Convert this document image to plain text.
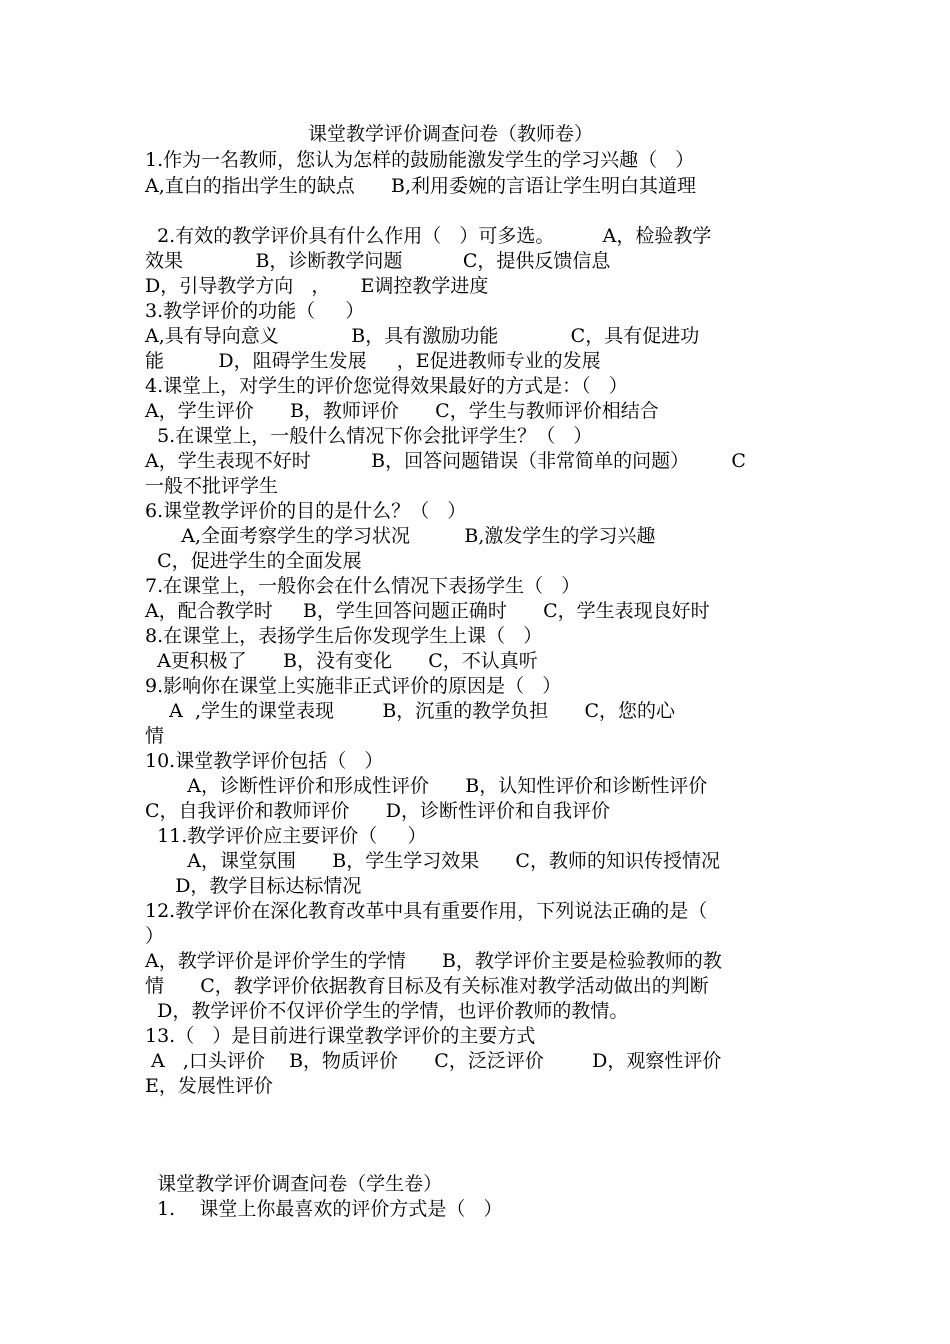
课堂教学评价调查问卷（教师卷）
1.作为一名教师，您认为怎样的鼓励能激发学生的学习兴趣（   ）
A,直白的指出学生的缺点      B,利用委婉的言语让学生明白其道理
2.有效的教学评价具有什么作用（   ）可多选。        A，检验教学
效果            B，诊断教学问题          C，提供反馈信息
D，引导教学方向   ，     E调控教学进度
3.教学评价的功能（     ）
A,具有导向意义            B，具有激励功能            C，具有促进功
能         D，阻碍学生发展     ，E促进教师专业的发展
4.课堂上，对学生的评价您觉得效果最好的方式是：（   ）
A，学生评价      B，教师评价      C，学生与教师评价相结合
5.在课堂上，一般什么情况下你会批评学生？（   ）
A，学生表现不好时          B，回答问题错误（非常简单的问题）       C
一般不批评学生
6.课堂教学评价的目的是什么？（   ）
A,全面考察学生的学习状况         B,激发学生的学习兴趣
C，促进学生的全面发展
7.在课堂上，一般你会在什么情况下表扬学生（   ）
A，配合教学时     B，学生回答问题正确时      C，学生表现良好时
8.在课堂上，表扬学生后你发现学生上课（   ）
A更积极了      B，没有变化      C，不认真听
9.影响你在课堂上实施非正式评价的原因是（   ）
A  ,学生的课堂表现        B，沉重的教学负担      C，您的心
情
10.课堂教学评价包括（   ）
A，诊断性评价和形成性评价      B，认知性评价和诊断性评价
C，自我评价和教师评价      D，诊断性评价和自我评价
11.教学评价应主要评价（     ）
A，课堂氛围      B，学生学习效果      C，教师的知识传授情况
D，教学目标达标情况
12.教学评价在深化教育改革中具有重要作用，下列说法正确的是（
）
A，教学评价是评价学生的学情      B，教学评价主要是检验教师的教
情      C，教学评价依据教育目标及有关标准对教学活动做出的判断
D，教学评价不仅评价学生的学情，也评价教师的教情。
13.（   ）是目前进行课堂教学评价的主要方式
A   ,口头评价    B，物质评价      C，泛泛评价        D，观察性评价
E，发展性评价
课堂教学评价调查问卷（学生卷）
1.    课堂上你最喜欢的评价方式是（   ）
